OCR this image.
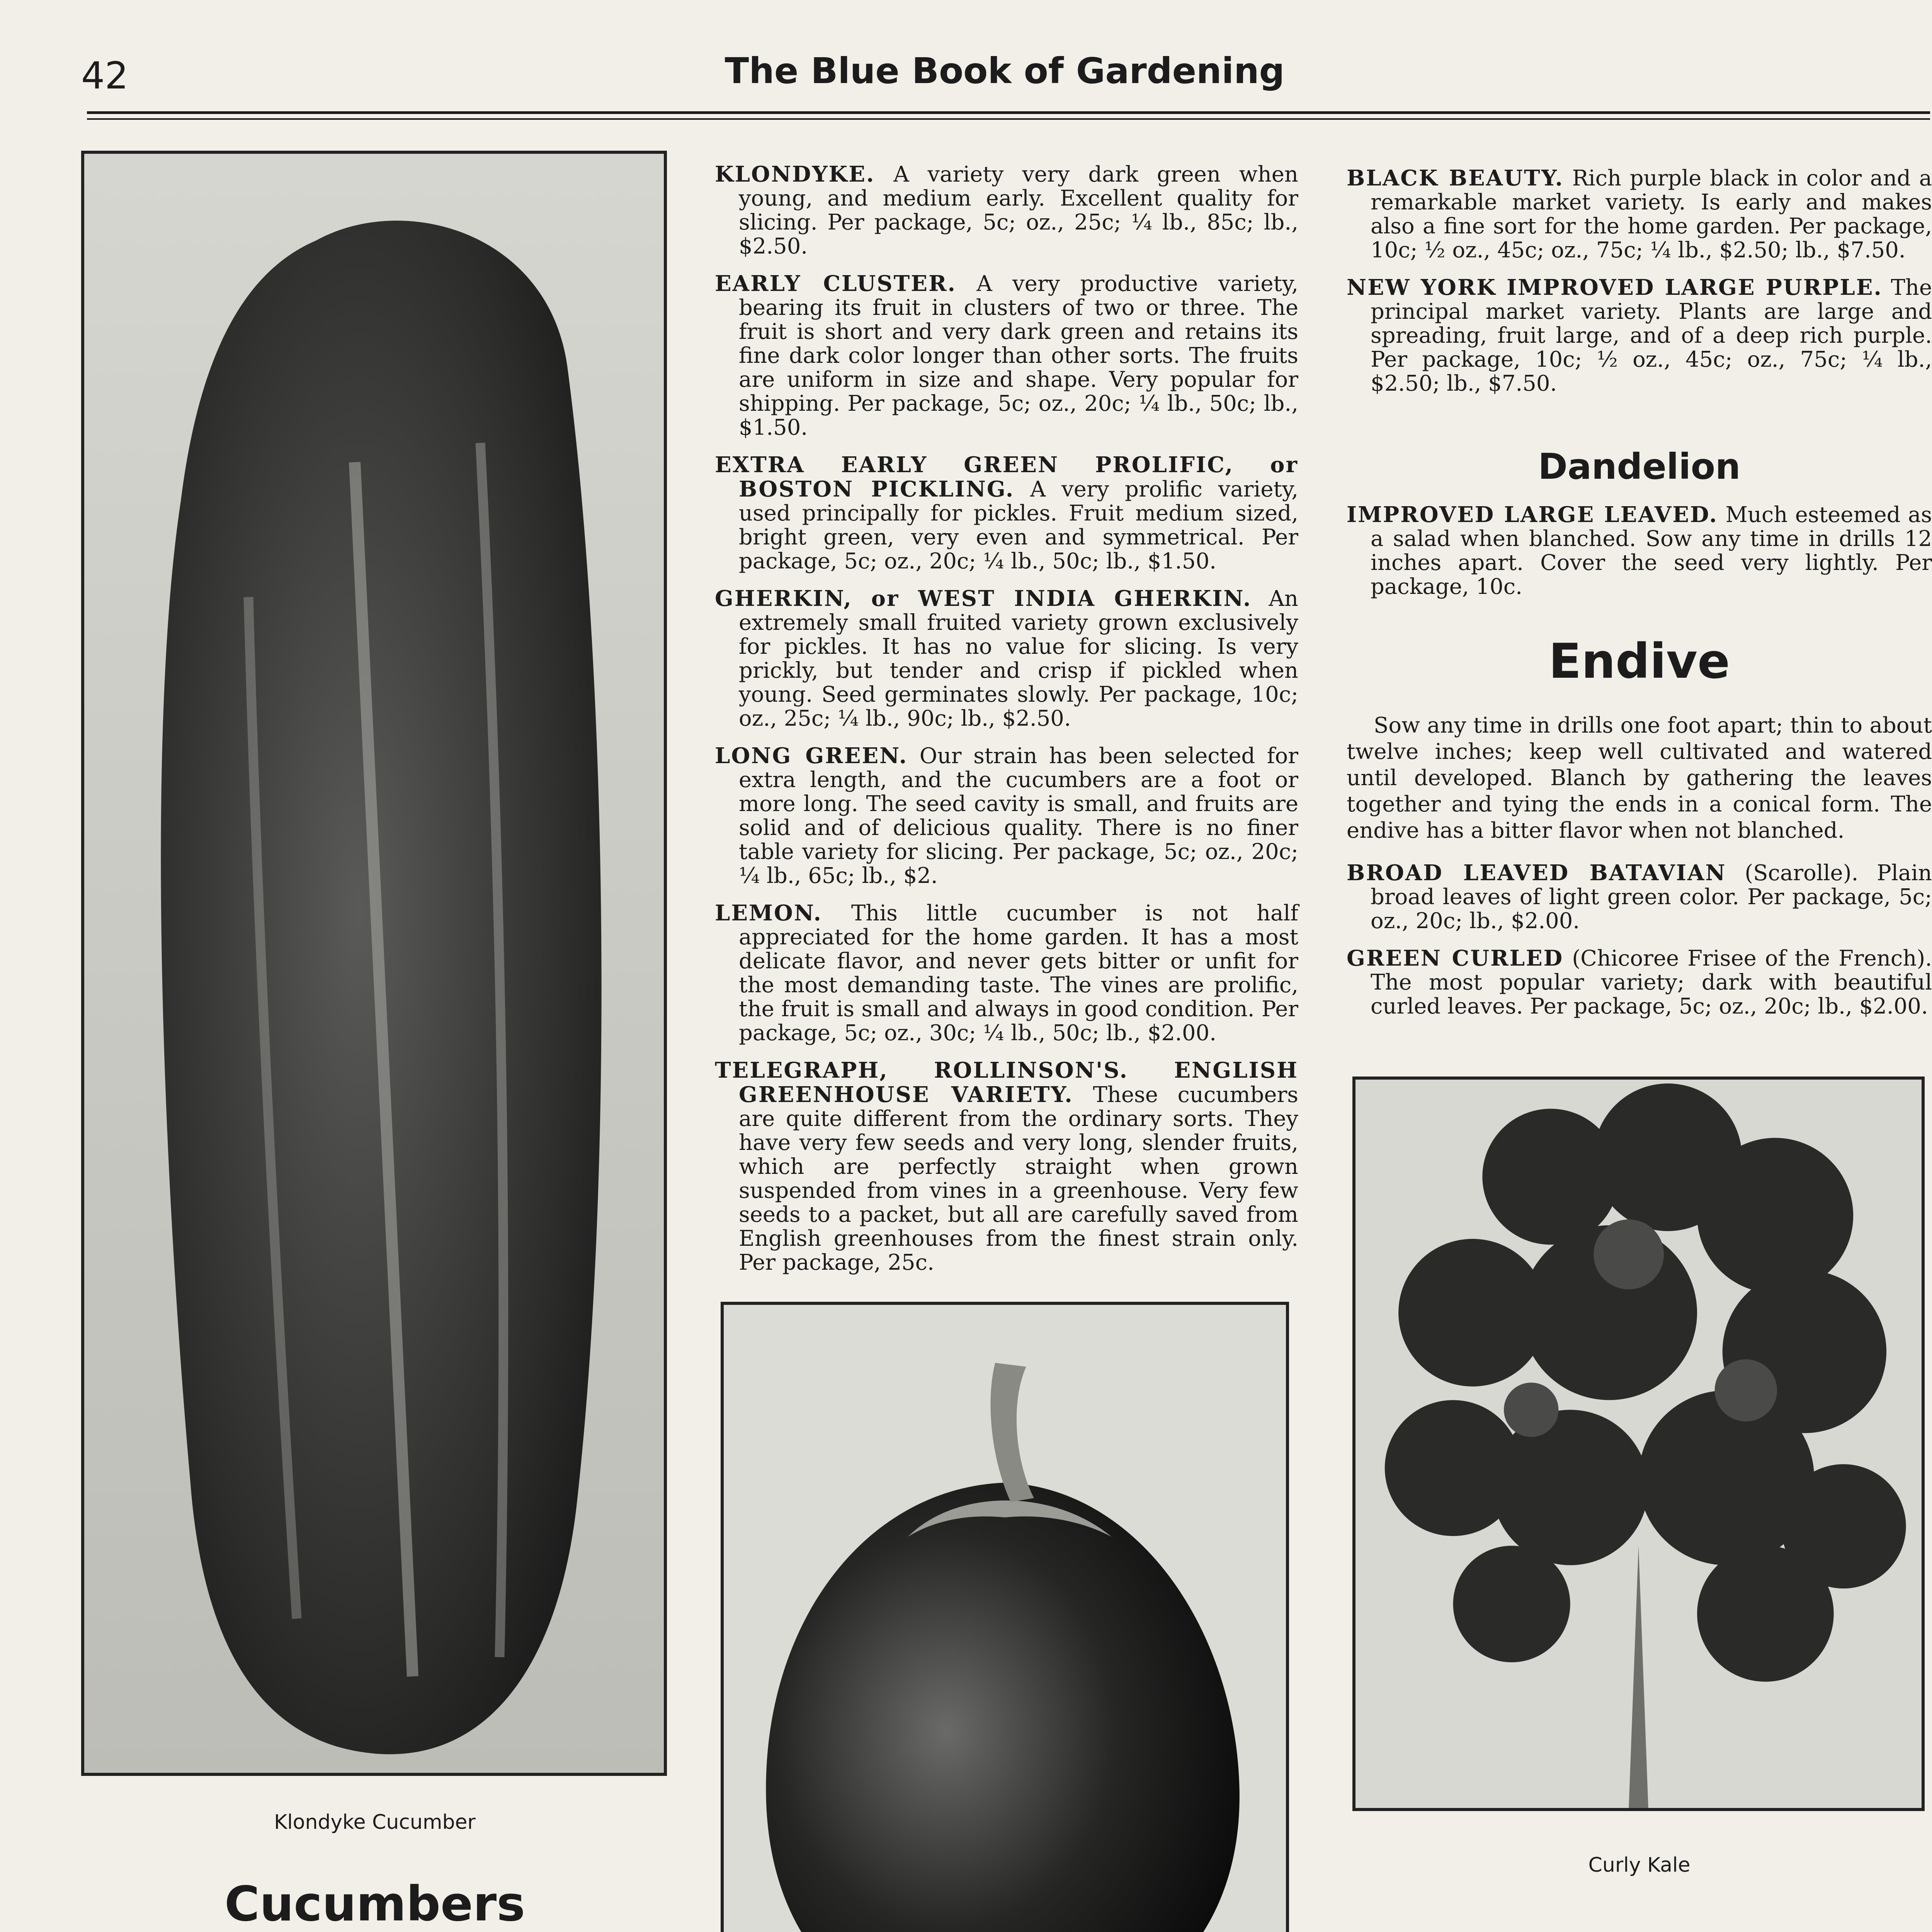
42	The Blue Book of Gardening
Klondyke Cucumber
Cucumbers

KLONDYKE. A variety very dark green when young, and medium early. Excellent quality for slicing. Per package, 5c; oz., 25c; ¼ lb., 85c; lb., $2.50.

EARLY CLUSTER. A very productive variety, bearing its fruit in clusters of two or three. The fruit is short and very dark green and retains its fine dark color longer than other sorts. The fruits are uniform in size and shape. Very popular for shipping. Per package, 5c; oz., 20c; ¼ lb., 50c; lb., $1.50.

EXTRA EARLY GREEN PROLIFIC, or BOSTON PICKLING. A very prolific variety, used principally for pickles. Fruit medium sized, bright green, very even and symmetrical. Per package, 5c; oz., 20c; ¼ lb., 50c; lb., $1.50.

GHERKIN, or WEST INDIA GHERKIN. An extremely small fruited variety grown exclusively for pickles. It has no value for slicing. Is very prickly, but tender and crisp if pickled when young. Seed germinates slowly. Per package, 10c; oz., 25c; ¼ lb., 90c; lb., $2.50.

LONG GREEN. Our strain has been selected for extra length, and the cucumbers are a foot or more long. The seed cavity is small, and fruits are solid and of delicious quality. There is no finer table variety for slicing. Per package, 5c; oz., 20c; ¼ lb., 65c; lb., $2.

LEMON. This little cucumber is not half appreciated for the home garden. It has a most delicate flavor, and never gets bitter or unfit for the most demanding taste. The vines are prolific, the fruit is small and always in good condition. Per package, 5c; oz., 30c; ¼ lb., 50c; lb., $2.00.

TELEGRAPH, ROLLINSON'S. ENGLISH GREENHOUSE VARIETY. These cucumbers are quite different from the ordinary sorts. They have very few seeds and very long, slender fruits, which are perfectly straight when grown suspended from vines in a greenhouse. Very few seeds to a packet, but all are carefully saved from English greenhouses from the finest strain only. Per package, 25c.

BLACK BEAUTY. Rich purple black in color and a remarkable market variety. Is early and makes also a fine sort for the home garden. Per package, 10c; ½ oz., 45c; oz., 75c; ¼ lb., $2.50; lb., $7.50.

NEW YORK IMPROVED LARGE PURPLE. The principal market variety. Plants are large and spreading, fruit large, and of a deep rich purple. Per package, 10c; ½ oz., 45c; oz., 75c; ¼ lb., $2.50; lb., $7.50.

Dandelion

IMPROVED LARGE LEAVED. Much esteemed as a salad when blanched. Sow any time in drills 12 inches apart. Cover the seed very lightly. Per package, 10c.

Endive

Sow any time in drills one foot apart; thin to about twelve inches; keep well cultivated and watered until developed. Blanch by gathering the leaves together and tying the ends in a conical form. The endive has a bitter flavor when not blanched.

BROAD LEAVED BATAVIAN (Scarolle). Plain broad leaves of light green color. Per package, 5c; oz., 20c; lb., $2.00.

GREEN CURLED (Chicoree Frisee of the French). The most popular variety; dark with beautiful curled leaves. Per package, 5c; oz., 20c; lb., $2.00.

Curly Kale
